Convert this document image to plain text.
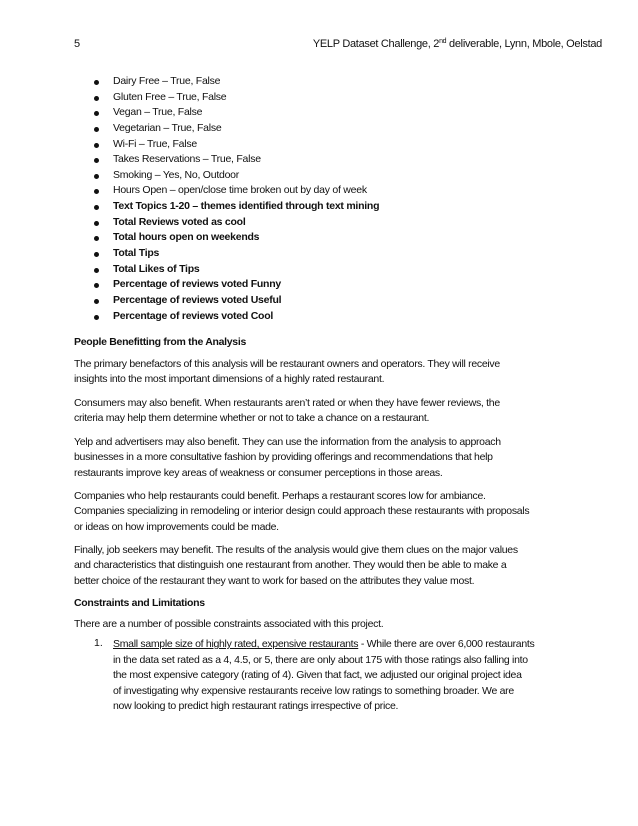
5	YELP Dataset Challenge, 2nd deliverable, Lynn, Mbole, Oelstad
Dairy Free – True, False
Gluten Free – True, False
Vegan – True, False
Vegetarian – True, False
Wi-Fi – True, False
Takes Reservations – True, False
Smoking – Yes, No, Outdoor
Hours Open – open/close time broken out by day of week
Text Topics 1-20 – themes identified through text mining
Total Reviews voted as cool
Total hours open on weekends
Total Tips
Total Likes of Tips
Percentage of reviews voted Funny
Percentage of reviews voted Useful
Percentage of reviews voted Cool
People Benefitting from the Analysis

The primary benefactors of this analysis will be restaurant owners and operators. They will receive
insights into the most important dimensions of a highly rated restaurant.

Consumers may also benefit. When restaurants aren’t rated or when they have fewer reviews, the
criteria may help them determine whether or not to take a chance on a restaurant.

Yelp and advertisers may also benefit. They can use the information from the analysis to approach
businesses in a more consultative fashion by providing offerings and recommendations that help
restaurants improve key areas of weakness or consumer perceptions in those areas.

Companies who help restaurants could benefit. Perhaps a restaurant scores low for ambiance.
Companies specializing in remodeling or interior design could approach these restaurants with proposals
or ideas on how improvements could be made.

Finally, job seekers may benefit. The results of the analysis would give them clues on the major values
and characteristics that distinguish one restaurant from another. They would then be able to make a
better choice of the restaurant they want to work for based on the attributes they value most.

Constraints and Limitations

There are a number of possible constraints associated with this project.

1. Small sample size of highly rated, expensive restaurants - While there are over 6,000 restaurants
in the data set rated as a 4, 4.5, or 5, there are only about 175 with those ratings also falling into
the most expensive category (rating of 4). Given that fact, we adjusted our original project idea
of investigating why expensive restaurants receive low ratings to something broader. We are
now looking to predict high restaurant ratings irrespective of price.
